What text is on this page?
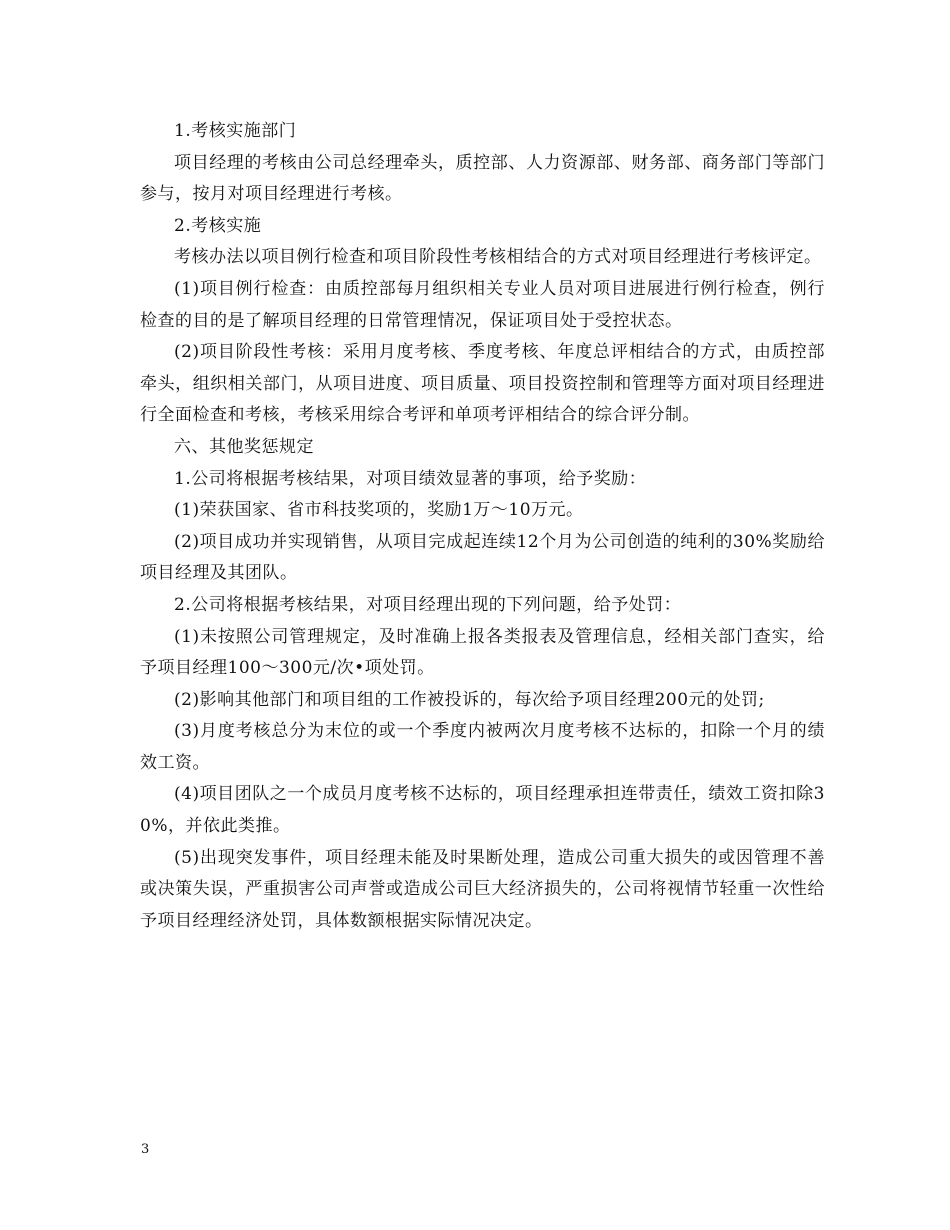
1.考核实施部门

项目经理的考核由公司总经理牵头，质控部、人力资源部、财务部、商务部门等部门参与，按月对项目经理进行考核。

2.考核实施

考核办法以项目例行检查和项目阶段性考核相结合的方式对项目经理进行考核评定。

(1)项目例行检查：由质控部每月组织相关专业人员对项目进展进行例行检查，例行检查的目的是了解项目经理的日常管理情况，保证项目处于受控状态。

(2)项目阶段性考核：采用月度考核、季度考核、年度总评相结合的方式，由质控部牵头，组织相关部门，从项目进度、项目质量、项目投资控制和管理等方面对项目经理进行全面检查和考核，考核采用综合考评和单项考评相结合的综合评分制。

六、其他奖惩规定

1.公司将根据考核结果，对项目绩效显著的事项，给予奖励：

(1)荣获国家、省市科技奖项的，奖励1万～10万元。

(2)项目成功并实现销售，从项目完成起连续12个月为公司创造的纯利的30%奖励给项目经理及其团队。

2.公司将根据考核结果，对项目经理出现的下列问题，给予处罚：

(1)未按照公司管理规定，及时准确上报各类报表及管理信息，经相关部门查实，给予项目经理100～300元/次•项处罚。

(2)影响其他部门和项目组的工作被投诉的，每次给予项目经理200元的处罚;

(3)月度考核总分为末位的或一个季度内被两次月度考核不达标的，扣除一个月的绩效工资。

(4)项目团队之一个成员月度考核不达标的，项目经理承担连带责任，绩效工资扣除30%，并依此类推。

(5)出现突发事件，项目经理未能及时果断处理，造成公司重大损失的或因管理不善或决策失误，严重损害公司声誉或造成公司巨大经济损失的，公司将视情节轻重一次性给予项目经理经济处罚，具体数额根据实际情况决定。

3
